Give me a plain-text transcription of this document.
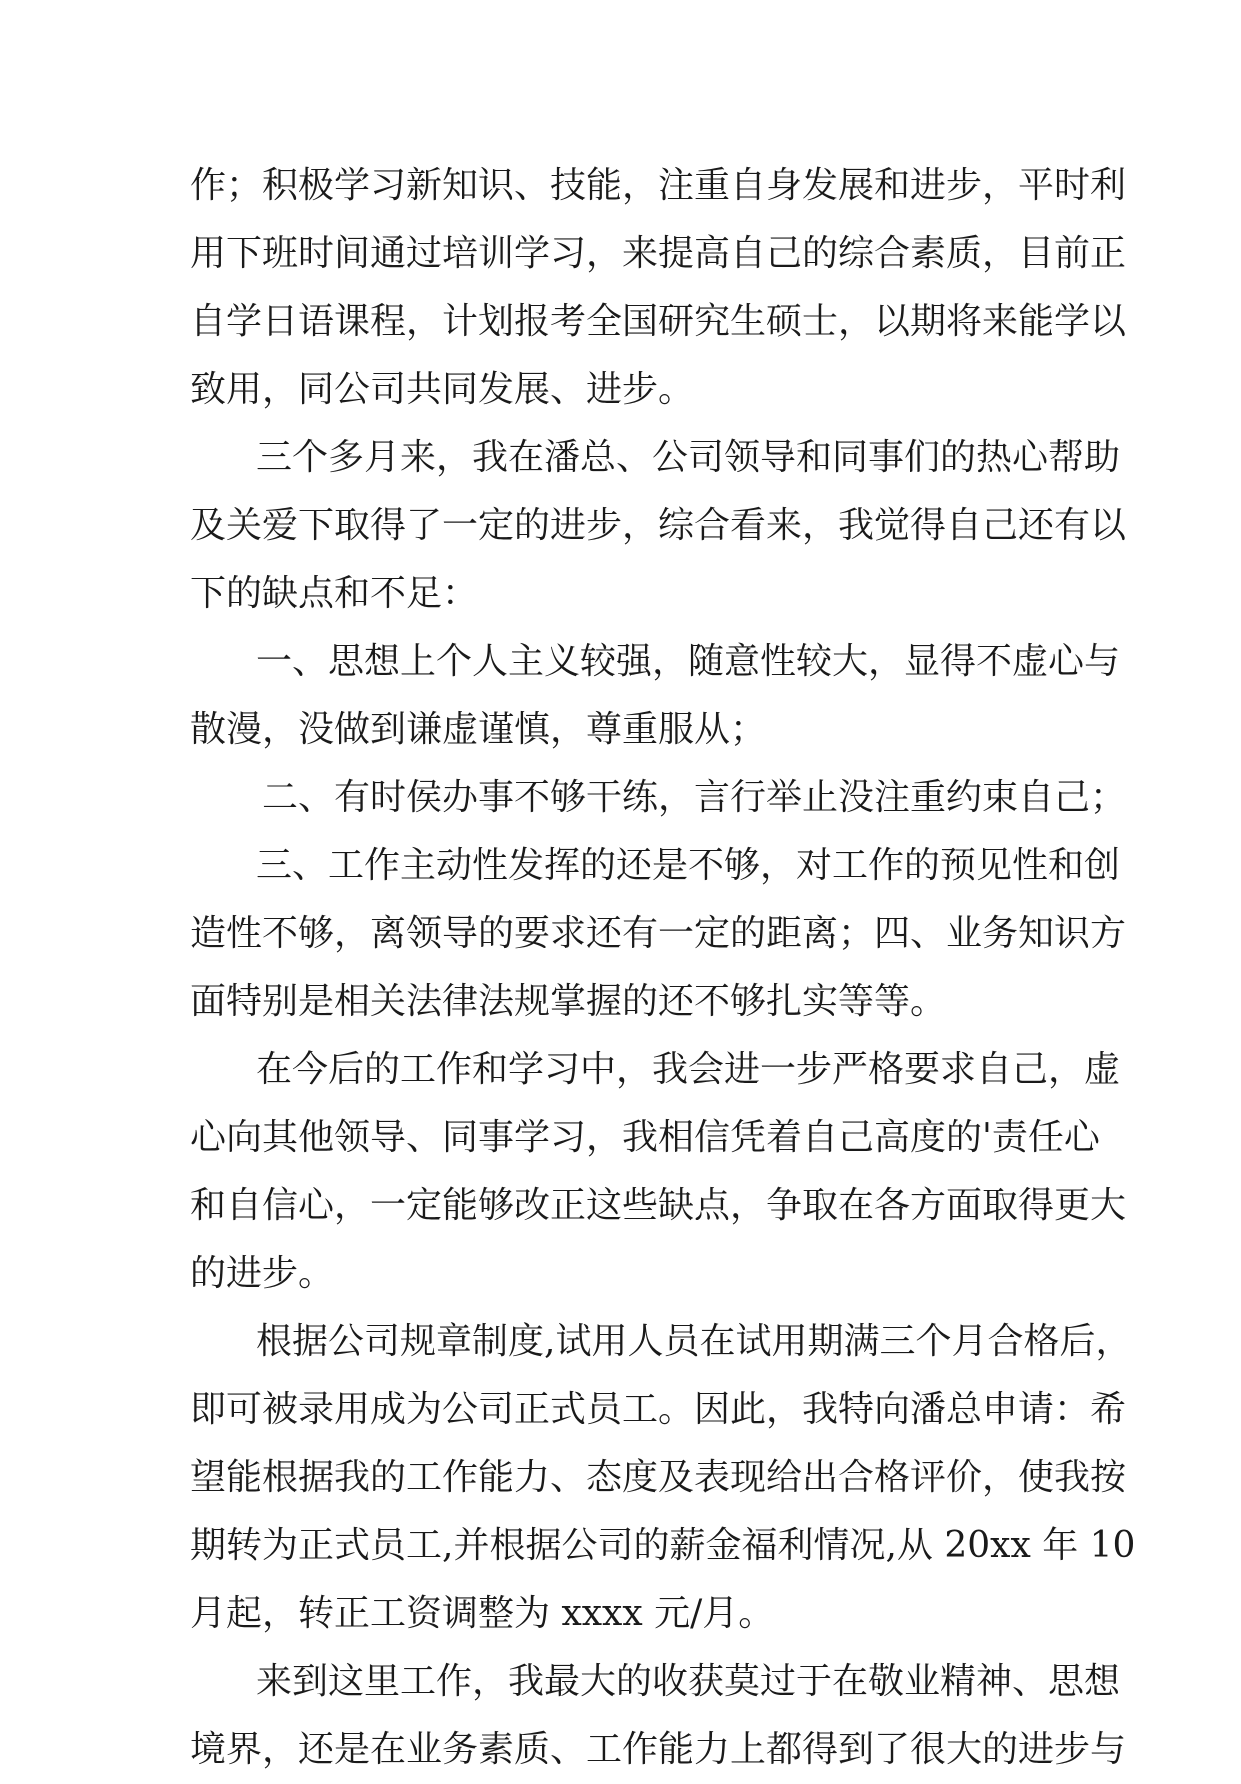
作；积极学习新知识、技能，注重自身发展和进步，平时利
用下班时间通过培训学习，来提高自己的综合素质，目前正
自学日语课程，计划报考全国研究生硕士，以期将来能学以
致用，同公司共同发展、进步。
三个多月来，我在潘总、公司领导和同事们的热心帮助
及关爱下取得了一定的进步，综合看来，我觉得自己还有以
下的缺点和不足：
一、思想上个人主义较强，随意性较大，显得不虚心与
散漫，没做到谦虚谨慎，尊重服从；
二、有时侯办事不够干练，言行举止没注重约束自己；
三、工作主动性发挥的还是不够，对工作的预见性和创
造性不够，离领导的要求还有一定的距离；四、业务知识方
面特别是相关法律法规掌握的还不够扎实等等。
在今后的工作和学习中，我会进一步严格要求自己，虚
心向其他领导、同事学习，我相信凭着自己高度的'责任心
和自信心，一定能够改正这些缺点，争取在各方面取得更大
的进步。
根据公司规章制度,试用人员在试用期满三个月合格后，
即可被录用成为公司正式员工。因此，我特向潘总申请：希
望能根据我的工作能力、态度及表现给出合格评价，使我按
期转为正式员工,并根据公司的薪金福利情况,从 20xx 年 10
月起，转正工资调整为 xxxx 元/月。
来到这里工作，我最大的收获莫过于在敬业精神、思想
境界，还是在业务素质、工作能力上都得到了很大的进步与
